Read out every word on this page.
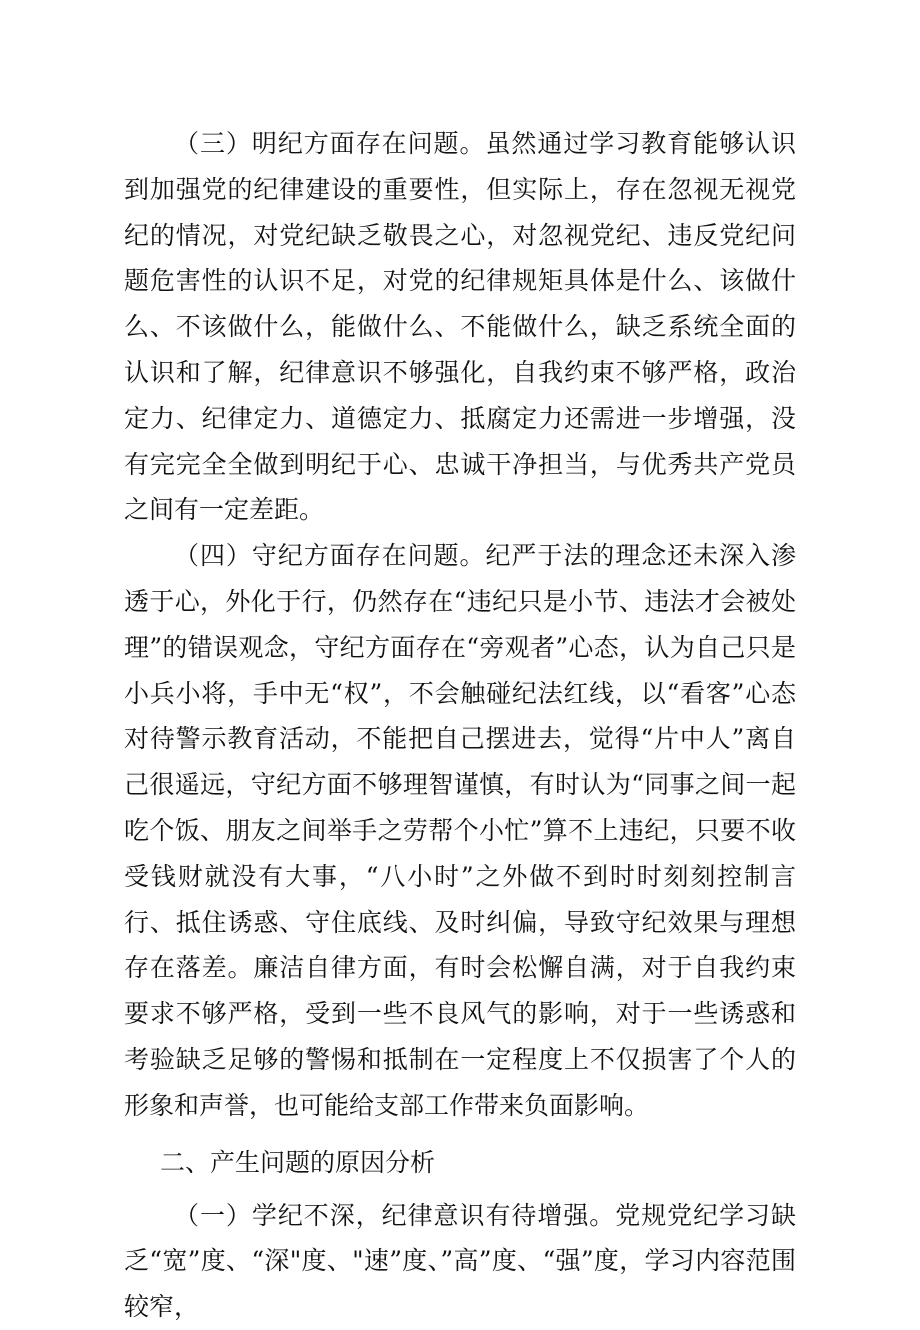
（三）明纪方面存在问题。虽然通过学习教育能够认识到加强党的纪律建设的重要性，但实际上，存在忽视无视党纪的情况，对党纪缺乏敬畏之心，对忽视党纪、违反党纪问题危害性的认识不足，对党的纪律规矩具体是什么、该做什么、不该做什么，能做什么、不能做什么，缺乏系统全面的认识和了解，纪律意识不够强化，自我约束不够严格，政治定力、纪律定力、道德定力、抵腐定力还需进一步增强，没有完完全全做到明纪于心、忠诚干净担当，与优秀共产党员之间有一定差距。

（四）守纪方面存在问题。纪严于法的理念还未深入渗透于心，外化于行，仍然存在“违纪只是小节、违法才会被处理”的错误观念，守纪方面存在“旁观者”心态，认为自己只是小兵小将，手中无“权”，不会触碰纪法红线，以“看客”心态对待警示教育活动，不能把自己摆进去，觉得“片中人”离自己很遥远，守纪方面不够理智谨慎，有时认为“同事之间一起吃个饭、朋友之间举手之劳帮个小忙”算不上违纪，只要不收受钱财就没有大事，“八小时”之外做不到时时刻刻控制言行、抵住诱惑、守住底线、及时纠偏，导致守纪效果与理想存在落差。廉洁自律方面，有时会松懈自满，对于自我约束要求不够严格，受到一些不良风气的影响，对于一些诱惑和考验缺乏足够的警惕和抵制在一定程度上不仅损害了个人的形象和声誉，也可能给支部工作带来负面影响。

二、产生问题的原因分析

（一）学纪不深，纪律意识有待增强。党规党纪学习缺乏“宽”度、“深"度、"速”度、”高”度、“强”度，学习内容范围较窄，
